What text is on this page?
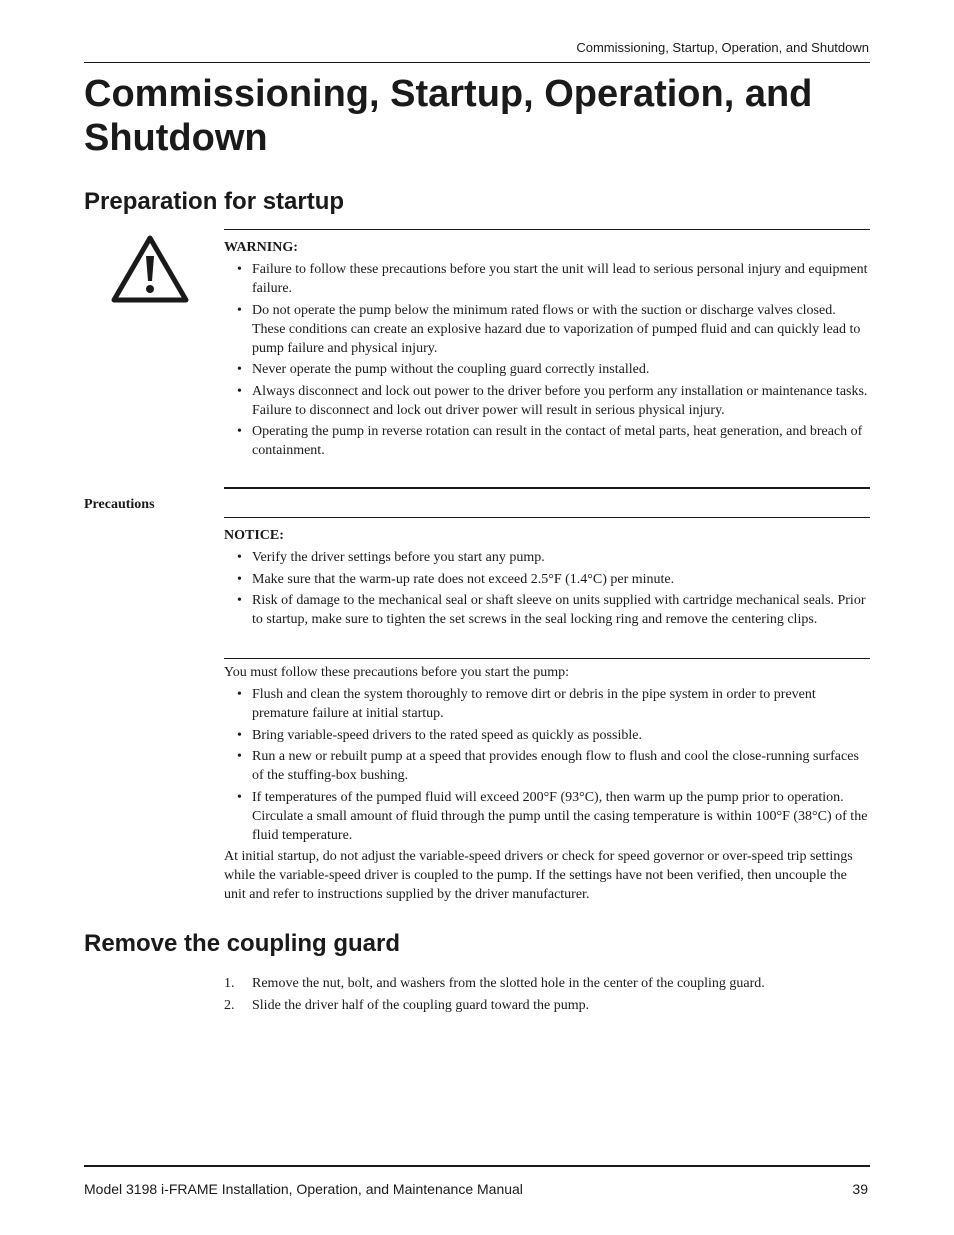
Commissioning, Startup, Operation, and Shutdown
Commissioning, Startup, Operation, and Shutdown
Preparation for startup
WARNING:
• Failure to follow these precautions before you start the unit will lead to serious personal injury and equipment failure.
• Do not operate the pump below the minimum rated flows or with the suction or discharge valves closed. These conditions can create an explosive hazard due to vaporization of pumped fluid and can quickly lead to pump failure and physical injury.
• Never operate the pump without the coupling guard correctly installed.
• Always disconnect and lock out power to the driver before you perform any installation or maintenance tasks. Failure to disconnect and lock out driver power will result in serious physical injury.
• Operating the pump in reverse rotation can result in the contact of metal parts, heat generation, and breach of containment.
Precautions
NOTICE:
• Verify the driver settings before you start any pump.
• Make sure that the warm-up rate does not exceed 2.5°F (1.4°C) per minute.
• Risk of damage to the mechanical seal or shaft sleeve on units supplied with cartridge mechanical seals. Prior to startup, make sure to tighten the set screws in the seal locking ring and remove the centering clips.

You must follow these precautions before you start the pump:

• Flush and clean the system thoroughly to remove dirt or debris in the pipe system in order to prevent premature failure at initial startup.
• Bring variable-speed drivers to the rated speed as quickly as possible.
• Run a new or rebuilt pump at a speed that provides enough flow to flush and cool the close-running surfaces of the stuffing-box bushing.
• If temperatures of the pumped fluid will exceed 200°F (93°C), then warm up the pump prior to operation. Circulate a small amount of fluid through the pump until the casing temperature is within 100°F (38°C) of the fluid temperature.

At initial startup, do not adjust the variable-speed drivers or check for speed governor or over-speed trip settings while the variable-speed driver is coupled to the pump. If the settings have not been verified, then uncouple the unit and refer to instructions supplied by the driver manufacturer.

Remove the coupling guard
1. Remove the nut, bolt, and washers from the slotted hole in the center of the coupling guard.
2. Slide the driver half of the coupling guard toward the pump.
Model 3198 i-FRAME Installation, Operation, and Maintenance Manual	39
